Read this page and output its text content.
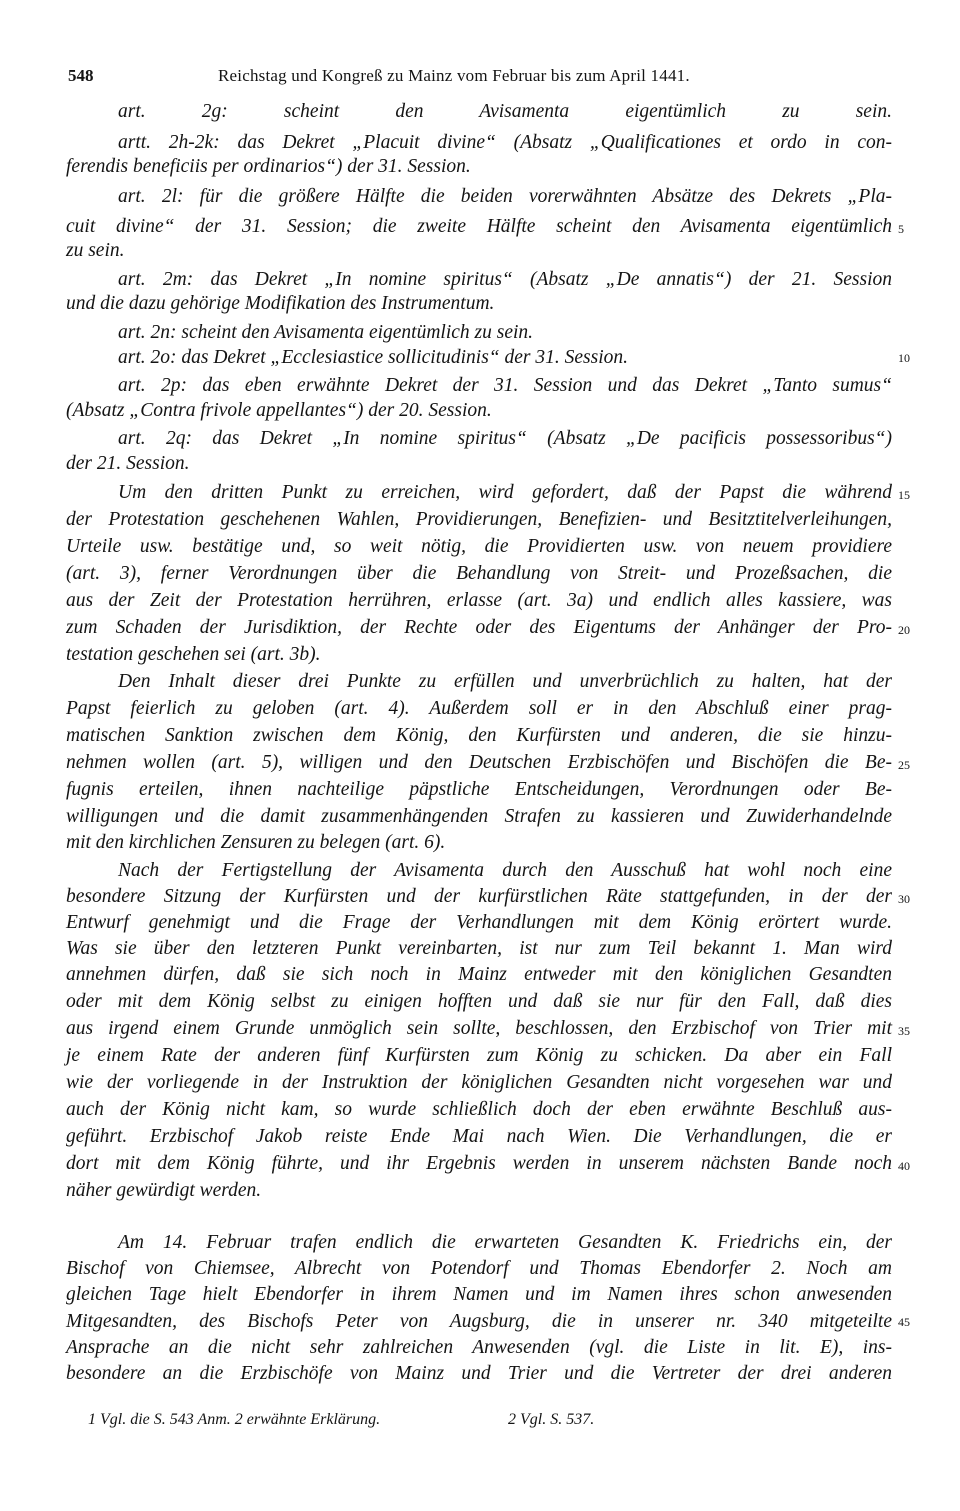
548	Reichstag und Kongreß zu Mainz vom Februar bis zum April 1441.
art. 2g: scheint den Avisamenta eigentümlich zu sein.
artt. 2h-2k: das Dekret „Placuit divine“ (Absatz „Qualificationes et ordo in con-
ferendis beneficiis per ordinarios“) der 31. Session.
art. 2l: für die größere Hälfte die beiden vorerwähnten Absätze des Dekrets „Pla-
cuit divine“ der 31. Session; die zweite Hälfte scheint den Avisamenta eigentümlich
zu sein.
art. 2m: das Dekret „In nomine spiritus“ (Absatz „De annatis“) der 21. Session
und die dazu gehörige Modifikation des Instrumentum.
art. 2n: scheint den Avisamenta eigentümlich zu sein.
art. 2o: das Dekret „Ecclesiastice sollicitudinis“ der 31. Session.
art. 2p: das eben erwähnte Dekret der 31. Session und das Dekret „Tanto sumus“
(Absatz „Contra frivole appellantes“) der 20. Session.
art. 2q: das Dekret „In nomine spiritus“ (Absatz „De pacificis possessoribus“)
der 21. Session.
Um den dritten Punkt zu erreichen, wird gefordert, daß der Papst die während
der Protestation geschehenen Wahlen, Providierungen, Benefizien- und Besitztitelverleihungen,
Urteile usw. bestätige und, so weit nötig, die Providierten usw. von neuem providiere
(art. 3), ferner Verordnungen über die Behandlung von Streit- und Prozeßsachen, die
aus der Zeit der Protestation herrühren, erlasse (art. 3a) und endlich alles kassiere, was
zum Schaden der Jurisdiktion, der Rechte oder des Eigentums der Anhänger der Pro-
testation geschehen sei (art. 3b).
Den Inhalt dieser drei Punkte zu erfüllen und unverbrüchlich zu halten, hat der
Papst feierlich zu geloben (art. 4). Außerdem soll er in den Abschluß einer prag-
matischen Sanktion zwischen dem König, den Kurfürsten und anderen, die sie hinzu-
nehmen wollen (art. 5), willigen und den Deutschen Erzbischöfen und Bischöfen die Be-
fugnis erteilen, ihnen nachteilige päpstliche Entscheidungen, Verordnungen oder Be-
willigungen und die damit zusammenhängenden Strafen zu kassieren und Zuwiderhandelnde
mit den kirchlichen Zensuren zu belegen (art. 6).
Nach der Fertigstellung der Avisamenta durch den Ausschuß hat wohl noch eine
besondere Sitzung der Kurfürsten und der kurfürstlichen Räte stattgefunden, in der der
Entwurf genehmigt und die Frage der Verhandlungen mit dem König erörtert wurde.
Was sie über den letzteren Punkt vereinbarten, ist nur zum Teil bekannt 1. Man wird
annehmen dürfen, daß sie sich noch in Mainz entweder mit den königlichen Gesandten
oder mit dem König selbst zu einigen hofften und daß sie nur für den Fall, daß dies
aus irgend einem Grunde unmöglich sein sollte, beschlossen, den Erzbischof von Trier mit
je einem Rate der anderen fünf Kurfürsten zum König zu schicken. Da aber ein Fall
wie der vorliegende in der Instruktion der königlichen Gesandten nicht vorgesehen war und
auch der König nicht kam, so wurde schließlich doch der eben erwähnte Beschluß aus-
geführt. Erzbischof Jakob reiste Ende Mai nach Wien. Die Verhandlungen, die er
dort mit dem König führte, und ihr Ergebnis werden in unserem nächsten Bande noch
näher gewürdigt werden.
Am 14. Februar trafen endlich die erwarteten Gesandten K. Friedrichs ein, der
Bischof von Chiemsee, Albrecht von Potendorf und Thomas Ebendorfer 2. Noch am
gleichen Tage hielt Ebendorfer in ihrem Namen und im Namen ihres schon anwesenden
Mitgesandten, des Bischofs Peter von Augsburg, die in unserer nr. 340 mitgeteilte
Ansprache an die nicht sehr zahlreichen Anwesenden (vgl. die Liste in lit. E), ins-
besondere an die Erzbischöfe von Mainz und Trier und die Vertreter der drei anderen
5
10
15
20
25
30
35
40
45
1 Vgl. die S. 543 Anm. 2 erwähnte Erklärung.	2 Vgl. S. 537.
